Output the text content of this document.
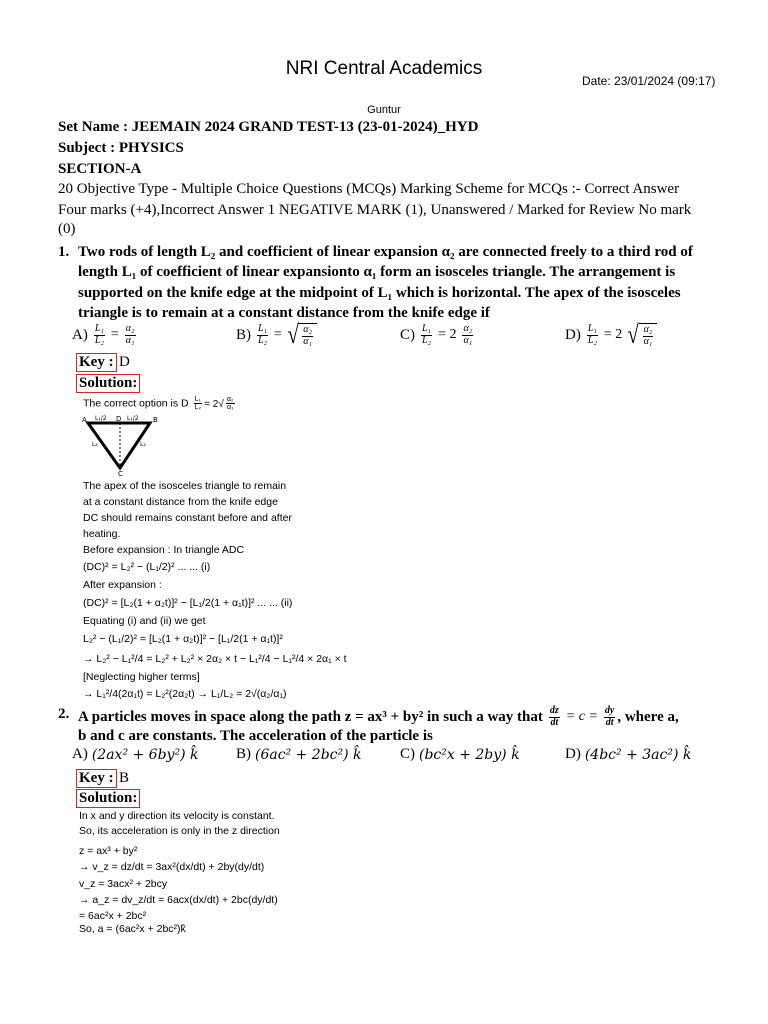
NRI Central Academics
Date: 23/01/2024 (09:17)
Guntur
Set Name : JEEMAIN 2024 GRAND TEST-13 (23-01-2024)_HYD
Subject : PHYSICS
SECTION-A
20 Objective Type - Multiple Choice Questions (MCQs) Marking Scheme for MCQs :- Correct Answer
Four marks (+4),Incorrect Answer 1 NEGATIVE MARK (1), Unanswered / Marked for Review No mark
(0)
1. Two rods of length L₂ and coefficient of linear expansion α₂ are connected freely to a third rod of
length L₁ of coefficient of linear expansionto α₁ form an isosceles triangle. The arrangement is
supported on the knife edge at the midpoint of L₁ which is horizontal. The apex of the isosceles
triangle is to remain at a constant distance from the knife edge if
$A) \frac{\text{L₁}}{\text{L₂}} = \frac{\text{α₂}}{\text{α₁}}$	$B) \frac{\text{L₁}}{\text{L₂}}$ = √ $\frac{\text{α₂}}{\text{α₁}}$	$C) \frac{\text{L₁}}{\text{L₂}} = 2 \frac{\text{α₂}}{\text{α₁}}$	$D) \frac{\text{L₁}}{\text{L₂}} = 2$ √ $\frac{\text{α₂}}{\text{α₁}}$
Key : D
Solution:
The correct option is D $\frac{\text{L₁}}{\text{L₂}} = 2√ \frac{\text{α₂}}{\text{α₁}}$
A L₁/2 D L₁/2 B
L₂	L₂
C
The apex of the isosceles triangle to remain
at a constant distance from the knife edge
DC should remains constant before and after
heating.
Before expansion : In triangle ADC
(DC)² = L₂² − (L₁/2)² ... ... (i)
After expansion :
(DC)² = [L₂(1 + α₂t)]² − [L₁/2(1 + α₁t)]² ... ... (ii)
Equating (i) and (ii) we get
L₂² − (L₁/2)² = [L₂(1 + α₂t)]² − [L₁/2(1 + α₁t)]²
→ L₂² − L₁²/4 = L₂² + L₂² × 2α₂ × t − L₁²/4 − L₁²/4 × 2α₁ × t
[Neglecting higher terms]
→ L₁²/4(2α₁t) = L₂²(2α₂t) → L₁/L₂ = 2√(α₂/α₁)
2. A particles moves in space along the path z = ax³ + by² in such a way that $\frac{dz}{dt} = c = \frac{dy}{dt}$ , where a,
b and c are constants. The acceleration of the particle is
A) (2ax² + 6by²) k̂	B) (6ac² + 2bc²) k̂	C) (bc²x + 2by) k̂	D) (4bc² + 3ac²) k̂
Key : B
Solution:
In x and y direction its velocity is constant.
So, its acceleration is only in the z direction
z = ax³ + by²
→ v_z = dz/dt = 3ax²(dx/dt) + 2by(dy/dt)
v_z = 3acx² + 2bcy
→ a_z = dv_z/dt = 6acx(dx/dt) + 2bc(dy/dt)
= 6ac²x + 2bc²
So, a = (6ac²x + 2bc²)k̂
